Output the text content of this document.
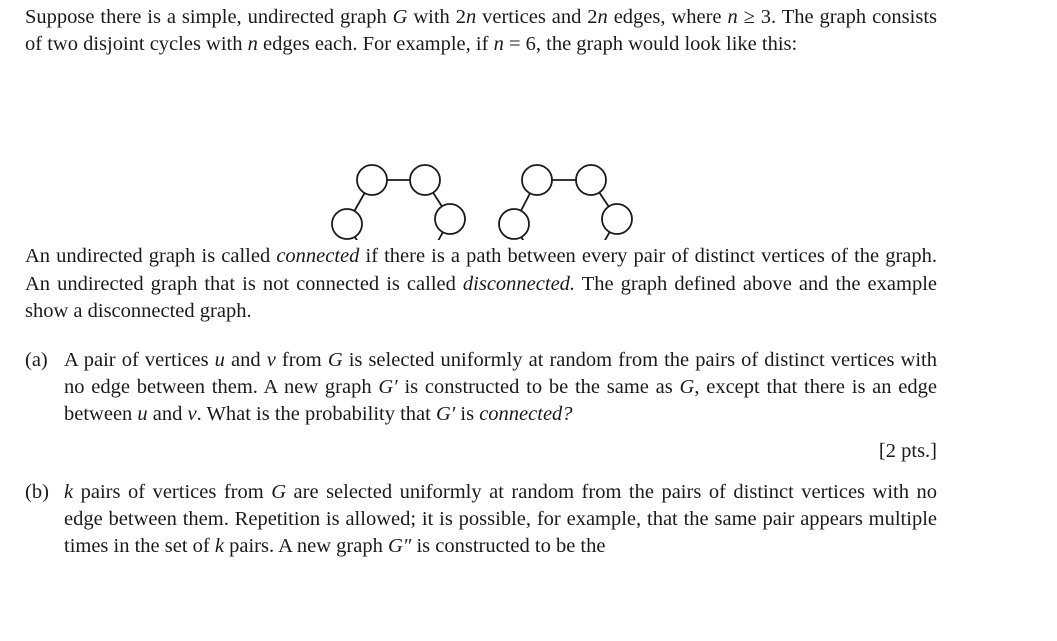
Suppose there is a simple, undirected graph G with 2n vertices and 2n edges, where n ≥ 3. The graph consists of two disjoint cycles with n edges each. For example, if n = 6, the graph would look like this:

An undirected graph is called connected if there is a path between every pair of distinct vertices of the graph. An undirected graph that is not connected is called disconnected. The graph defined above and the example show a disconnected graph.

(a) A pair of vertices u and v from G is selected uniformly at random from the pairs of distinct vertices with no edge between them. A new graph G′ is constructed to be the same as G, except that there is an edge between u and v. What is the probability that G′ is connected?

[2 pts.]

(b) k pairs of vertices from G are selected uniformly at random from the pairs of distinct vertices with no edge between them. Repetition is allowed; it is possible, for example, that the same pair appears multiple times in the set of k pairs. A new graph G″ is constructed to be the
